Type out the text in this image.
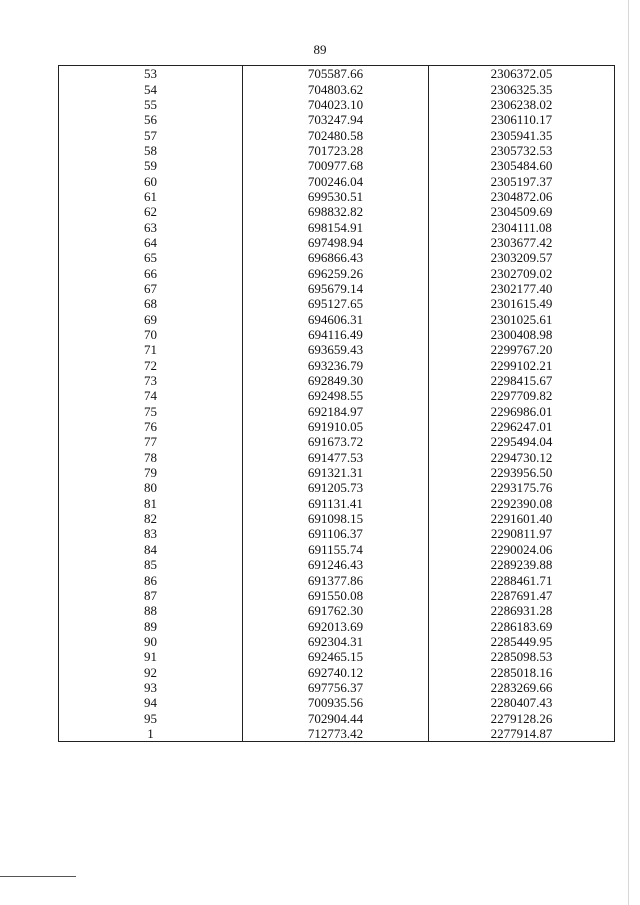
89
53	705587.66	2306372.05
54	704803.62	2306325.35
55	704023.10	2306238.02
56	703247.94	2306110.17
57	702480.58	2305941.35
58	701723.28	2305732.53
59	700977.68	2305484.60
60	700246.04	2305197.37
61	699530.51	2304872.06
62	698832.82	2304509.69
63	698154.91	2304111.08
64	697498.94	2303677.42
65	696866.43	2303209.57
66	696259.26	2302709.02
67	695679.14	2302177.40
68	695127.65	2301615.49
69	694606.31	2301025.61
70	694116.49	2300408.98
71	693659.43	2299767.20
72	693236.79	2299102.21
73	692849.30	2298415.67
74	692498.55	2297709.82
75	692184.97	2296986.01
76	691910.05	2296247.01
77	691673.72	2295494.04
78	691477.53	2294730.12
79	691321.31	2293956.50
80	691205.73	2293175.76
81	691131.41	2292390.08
82	691098.15	2291601.40
83	691106.37	2290811.97
84	691155.74	2290024.06
85	691246.43	2289239.88
86	691377.86	2288461.71
87	691550.08	2287691.47
88	691762.30	2286931.28
89	692013.69	2286183.69
90	692304.31	2285449.95
91	692465.15	2285098.53
92	692740.12	2285018.16
93	697756.37	2283269.66
94	700935.56	2280407.43
95	702904.44	2279128.26
1	712773.42	2277914.87
